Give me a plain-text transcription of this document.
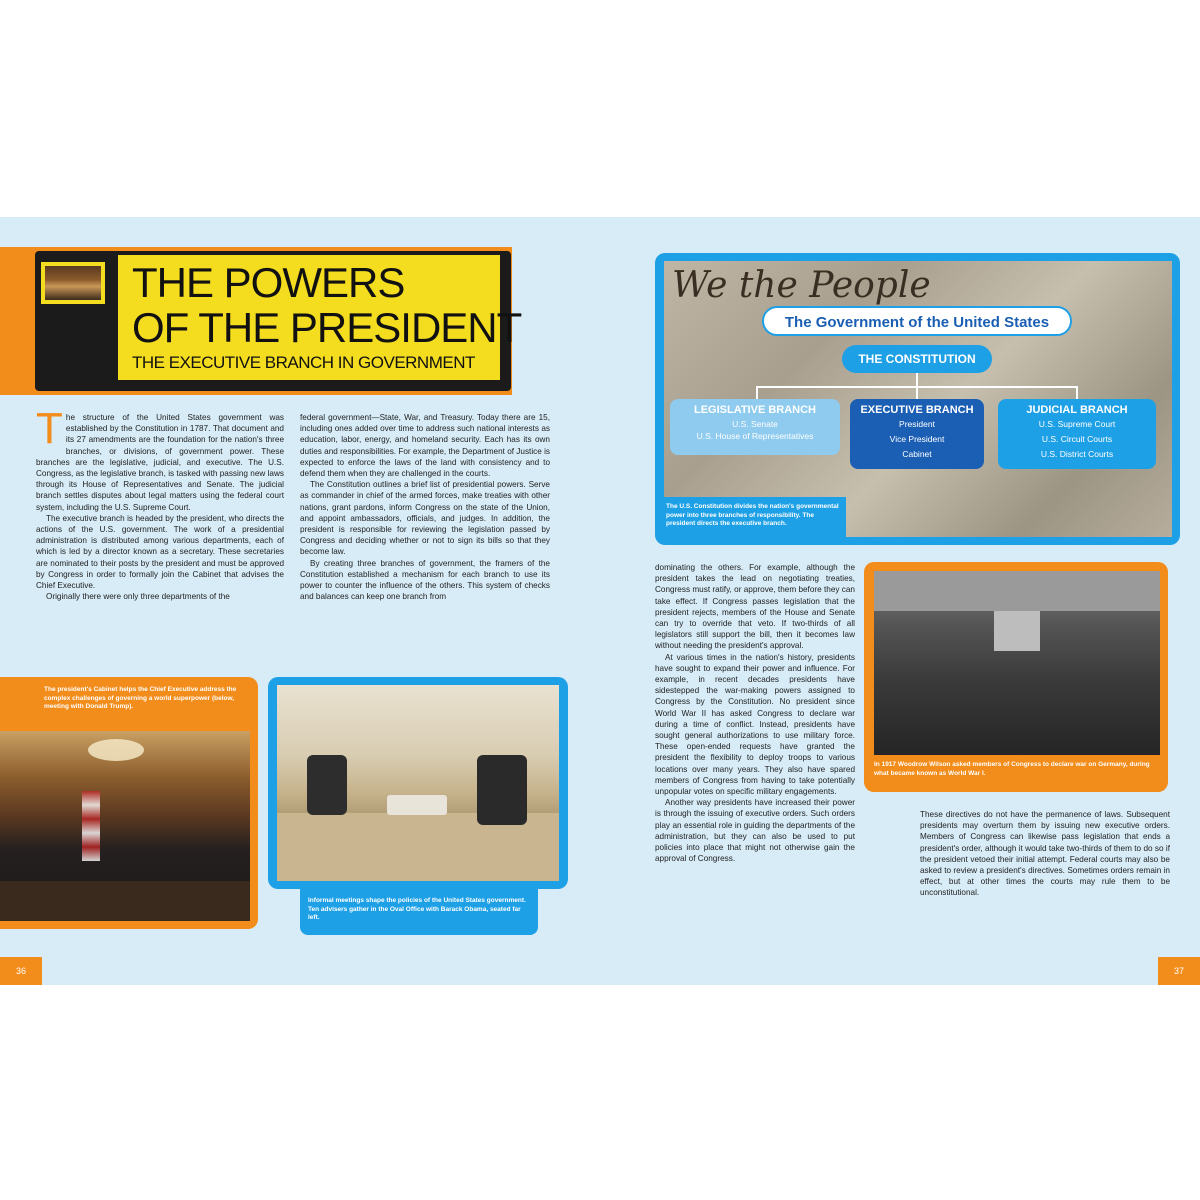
THE POWERS
OF THE PRESIDENT
THE EXECUTIVE BRANCH IN GOVERNMENT
T he structure of the United States government was established by the Constitution in 1787. That document and its 27 amendments are the foundation for the nation's three branches, or divisions, of government power. These branches are the legislative, judicial, and executive. The U.S. Congress, as the legislative branch, is tasked with passing new laws through its House of Representatives and Senate. The judicial branch settles disputes about legal matters using the federal court system, including the U.S. Supreme Court.

The executive branch is headed by the president, who directs the actions of the U.S. government. The work of a presidential administration is distributed among various departments, each of which is led by a director known as a secretary. These secretaries are nominated to their posts by the president and must be approved by Congress in order to formally join the Cabinet that advises the Chief Executive.

Originally there were only three departments of the

federal government—State, War, and Treasury. Today there are 15, including ones added over time to address such national interests as education, labor, energy, and homeland security. Each has its own duties and responsibilities. For example, the Department of Justice is expected to enforce the laws of the land with consistency and to defend them when they are challenged in the courts.

The Constitution outlines a brief list of presidential powers. Serve as commander in chief of the armed forces, make treaties with other nations, grant pardons, inform Congress on the state of the Union, and appoint ambassadors, officials, and judges. In addition, the president is responsible for reviewing the legislation passed by Congress and deciding whether or not to sign its bills so that they become law.

By creating three branches of government, the framers of the Constitution established a mechanism for each branch to use its power to counter the influence of the others. This system of checks and balances can keep one branch from

The president's Cabinet helps the Chief Executive address the complex challenges of governing a world superpower (below, meeting with Donald Trump).
Informal meetings shape the policies of the United States government. Ten advisers gather in the Oval Office with Barack Obama, seated far left.
36	37
We the People
The Government of the United States
THE CONSTITUTION
LEGISLATIVE BRANCH
U.S. Senate
U.S. House of Representatives
EXECUTIVE BRANCH
President
Vice President
Cabinet
JUDICIAL BRANCH
U.S. Supreme Court
U.S. Circuit Courts
U.S. District Courts
The U.S. Constitution divides the nation's governmental power into three branches of responsibility. The president directs the executive branch.

dominating the others. For example, although the president takes the lead on negotiating treaties, Congress must ratify, or approve, them before they can take effect. If Congress passes legislation that the president rejects, members of the House and Senate can try to override that veto. If two-thirds of all legislators still support the bill, then it becomes law without needing the president's approval.

At various times in the nation's history, presidents have sought to expand their power and influence. For example, in recent decades presidents have sidestepped the war-making powers assigned to Congress by the Constitution. No president since World War II has asked Congress to declare war during a time of conflict. Instead, presidents have sought general authorizations to use military force. These open-ended requests have granted the president the flexibility to deploy troops to various locations over many years. They also have spared members of Congress from having to take potentially unpopular votes on specific military engagements.

Another way presidents have increased their power is through the issuing of executive orders. Such orders play an essential role in guiding the departments of the administration, but they can also be used to put policies into place that might not otherwise gain the approval of Congress.

These directives do not have the permanence of laws. Subsequent presidents may overturn them by issuing new executive orders. Members of Congress can likewise pass legislation that ends a president's order, although it would take two-thirds of them to do so if the president vetoed their initial attempt. Federal courts may also be asked to review a president's directives. Sometimes orders remain in effect, but at other times the courts may rule them to be unconstitutional.

In 1917 Woodrow Wilson asked members of Congress to declare war on Germany, during what became known as World War I.
